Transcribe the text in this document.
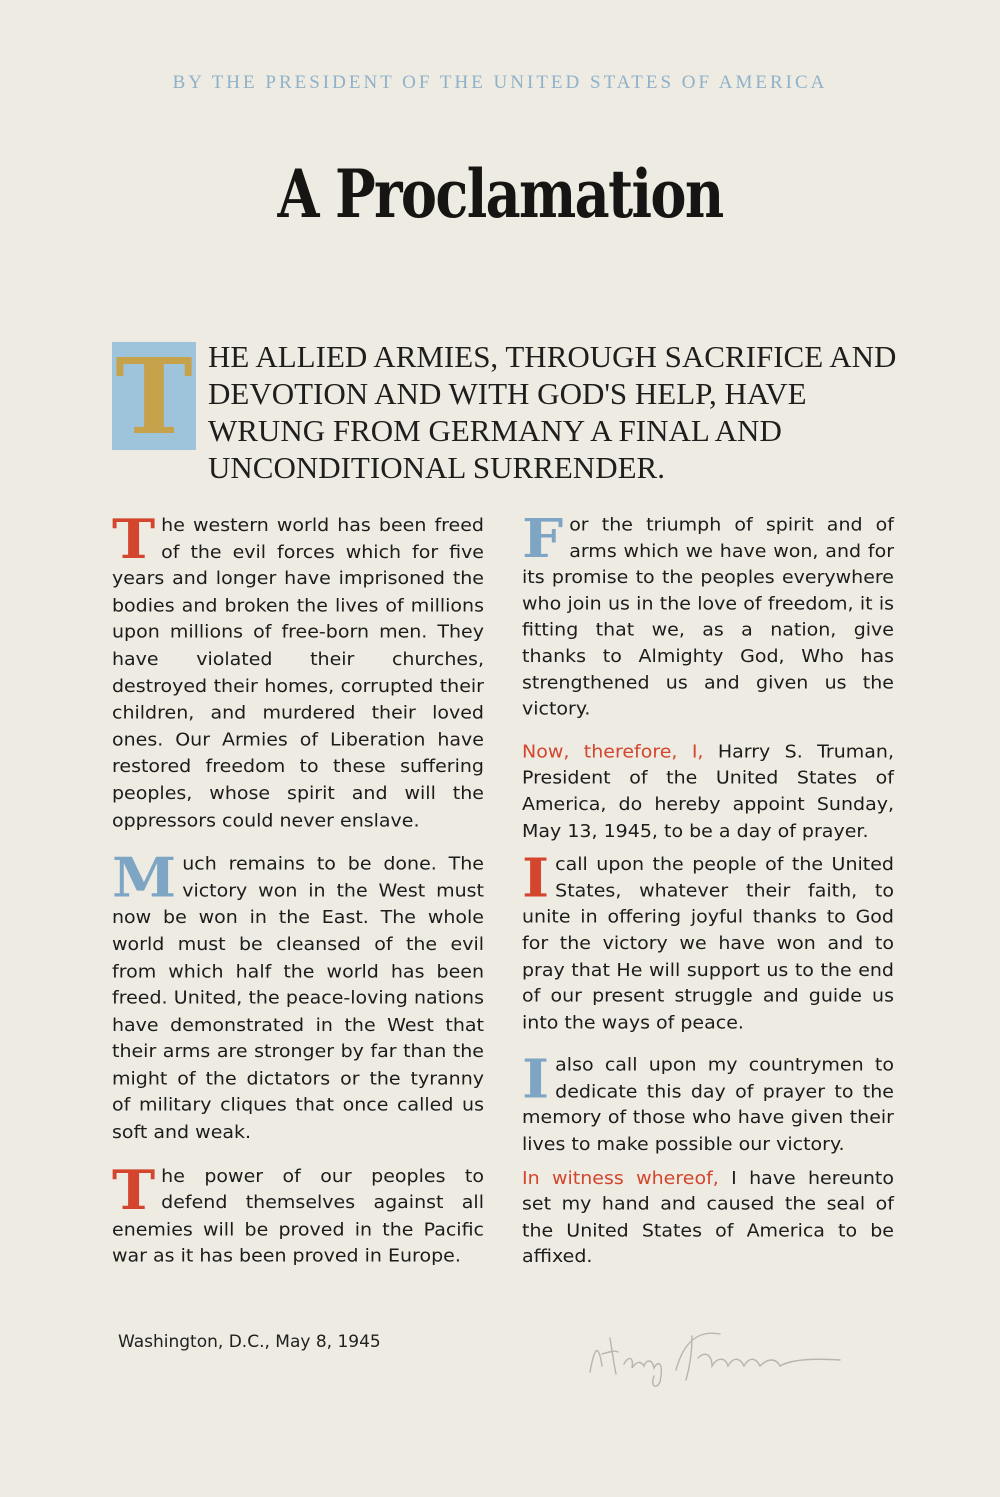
BY THE PRESIDENT OF THE UNITED STATES OF AMERICA
A Proclamation
T HE ALLIED ARMIES, THROUGH SACRIFICE AND DEVOTION AND WITH GOD'S HELP, HAVE WRUNG FROM GERMANY A FINAL AND UNCONDITIONAL SURRENDER.

The western world has been freed of the evil forces which for five years and longer have imprisoned the bodies and broken the lives of millions upon millions of free-born men. They have violated their churches, destroyed their homes, corrupted their children, and murdered their loved ones. Our Armies of Liberation have restored freedom to these suffering peoples, whose spirit and will the oppressors could never enslave.

Much remains to be done. The victory won in the West must now be won in the East. The whole world must be cleansed of the evil from which half the world has been freed. United, the peace-loving nations have demonstrated in the West that their arms are stronger by far than the might of the dictators or the tyranny of military cliques that once called us soft and weak.

The power of our peoples to defend themselves against all enemies will be proved in the Pacific war as it has been proved in Europe.

For the triumph of spirit and of arms which we have won, and for its promise to the peoples everywhere who join us in the love of freedom, it is fitting that we, as a nation, give thanks to Almighty God, Who has strengthened us and given us the victory.

Now, therefore, I, Harry S. Truman, President of the United States of America, do hereby appoint Sunday, May 13, 1945, to be a day of prayer.

I call upon the people of the United States, whatever their faith, to unite in offering joyful thanks to God for the victory we have won and to pray that He will support us to the end of our present struggle and guide us into the ways of peace.

I also call upon my countrymen to dedicate this day of prayer to the memory of those who have given their lives to make possible our victory.

In witness whereof, I have hereunto set my hand and caused the seal of the United States of America to be affixed.

Washington, D.C., May 8, 1945
